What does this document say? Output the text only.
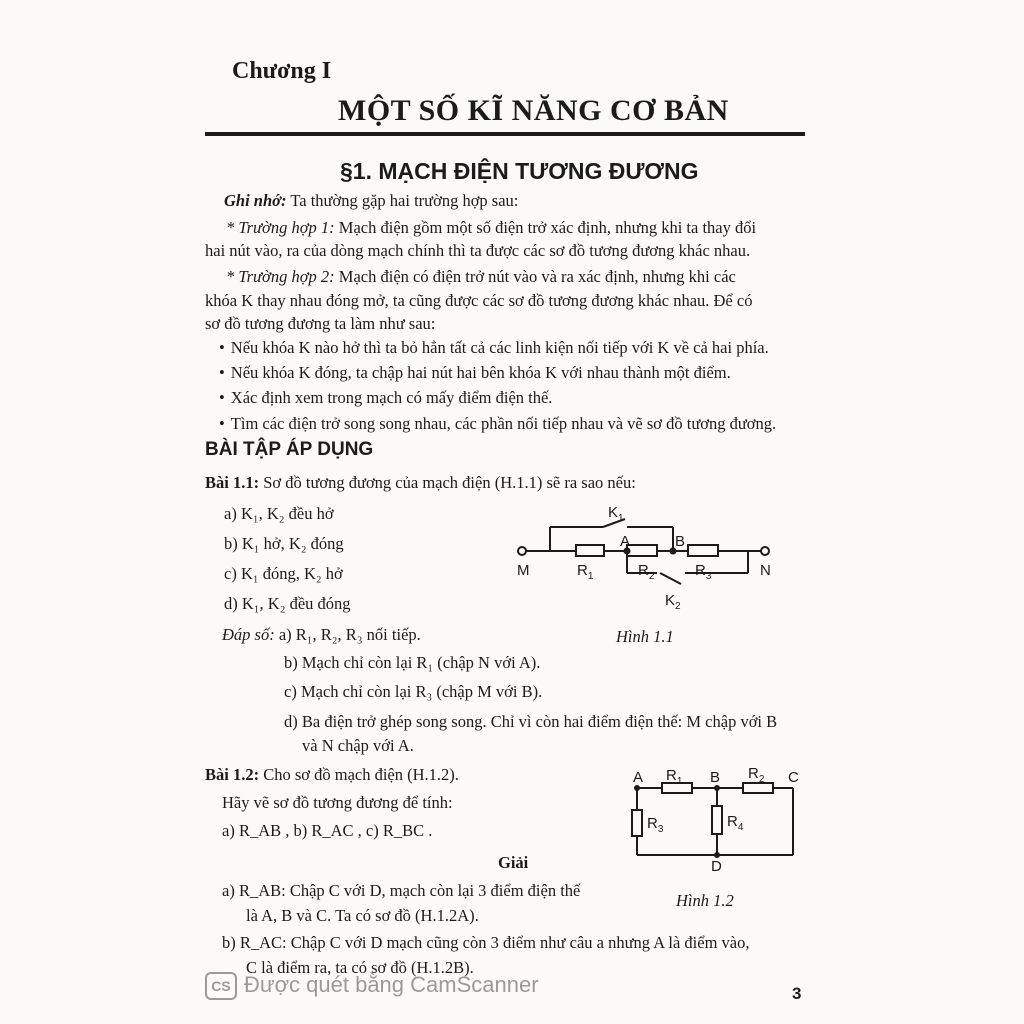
Chương I
MỘT SỐ KĨ NĂNG CƠ BẢN
§1. MẠCH ĐIỆN TƯƠNG ĐƯƠNG
Ghi nhớ: Ta thường gặp hai trường hợp sau:
* Trường hợp 1: Mạch điện gồm một số điện trở xác định, nhưng khi ta thay đổi
hai nút vào, ra của dòng mạch chính thì ta được các sơ đồ tương đương khác nhau.
* Trường hợp 2: Mạch điện có điện trở nút vào và ra xác định, nhưng khi các
khóa K thay nhau đóng mở, ta cũng được các sơ đồ tương đương khác nhau. Để có
sơ đồ tương đương ta làm như sau:
• Nếu khóa K nào hở thì ta bỏ hẳn tất cả các linh kiện nối tiếp với K về cả hai phía.
• Nếu khóa K đóng, ta chập hai nút hai bên khóa K với nhau thành một điểm.
• Xác định xem trong mạch có mấy điểm điện thế.
• Tìm các điện trở song song nhau, các phần nối tiếp nhau và vẽ sơ đồ tương đương.
BÀI TẬP ÁP DỤNG
Bài 1.1: Sơ đồ tương đương của mạch điện (H.1.1) sẽ ra sao nếu:
a) K₁, K₂ đều hở
b) K₁ hở, K₂ đóng
c) K₁ đóng, K₂ hở
d) K₁, K₂ đều đóng
Đáp số: a) R₁, R₂, R₃ nối tiếp.
b) Mạch chỉ còn lại R₁ (chập N với A).
c) Mạch chỉ còn lại R₃ (chập M với B).
d) Ba điện trở ghép song song. Chỉ vì còn hai điểm điện thế: M chập với B
và N chập với A.
Hình 1.1
$K_1$
A	B
M	N
$R_1$	$R_2$	$R_3$
$K_2$
Bài 1.2: Cho sơ đồ mạch điện (H.1.2).
Hãy vẽ sơ đồ tương đương để tính:
a) R_AB , b) R_AC , c) R_BC .
Giải
a) R_AB: Chập C với D, mạch còn lại 3 điểm điện thế
là A, B và C. Ta có sơ đồ (H.1.2A).
b) R_AC: Chập C với D mạch cũng còn 3 điểm như câu a nhưng A là điểm vào,
C là điểm ra, ta có sơ đồ (H.1.2B).
Hình 1.2
A $R_1$ B $R_2$ C
$R_3$	$R_4$
D
CS Được quét bằng CamScanner	3
